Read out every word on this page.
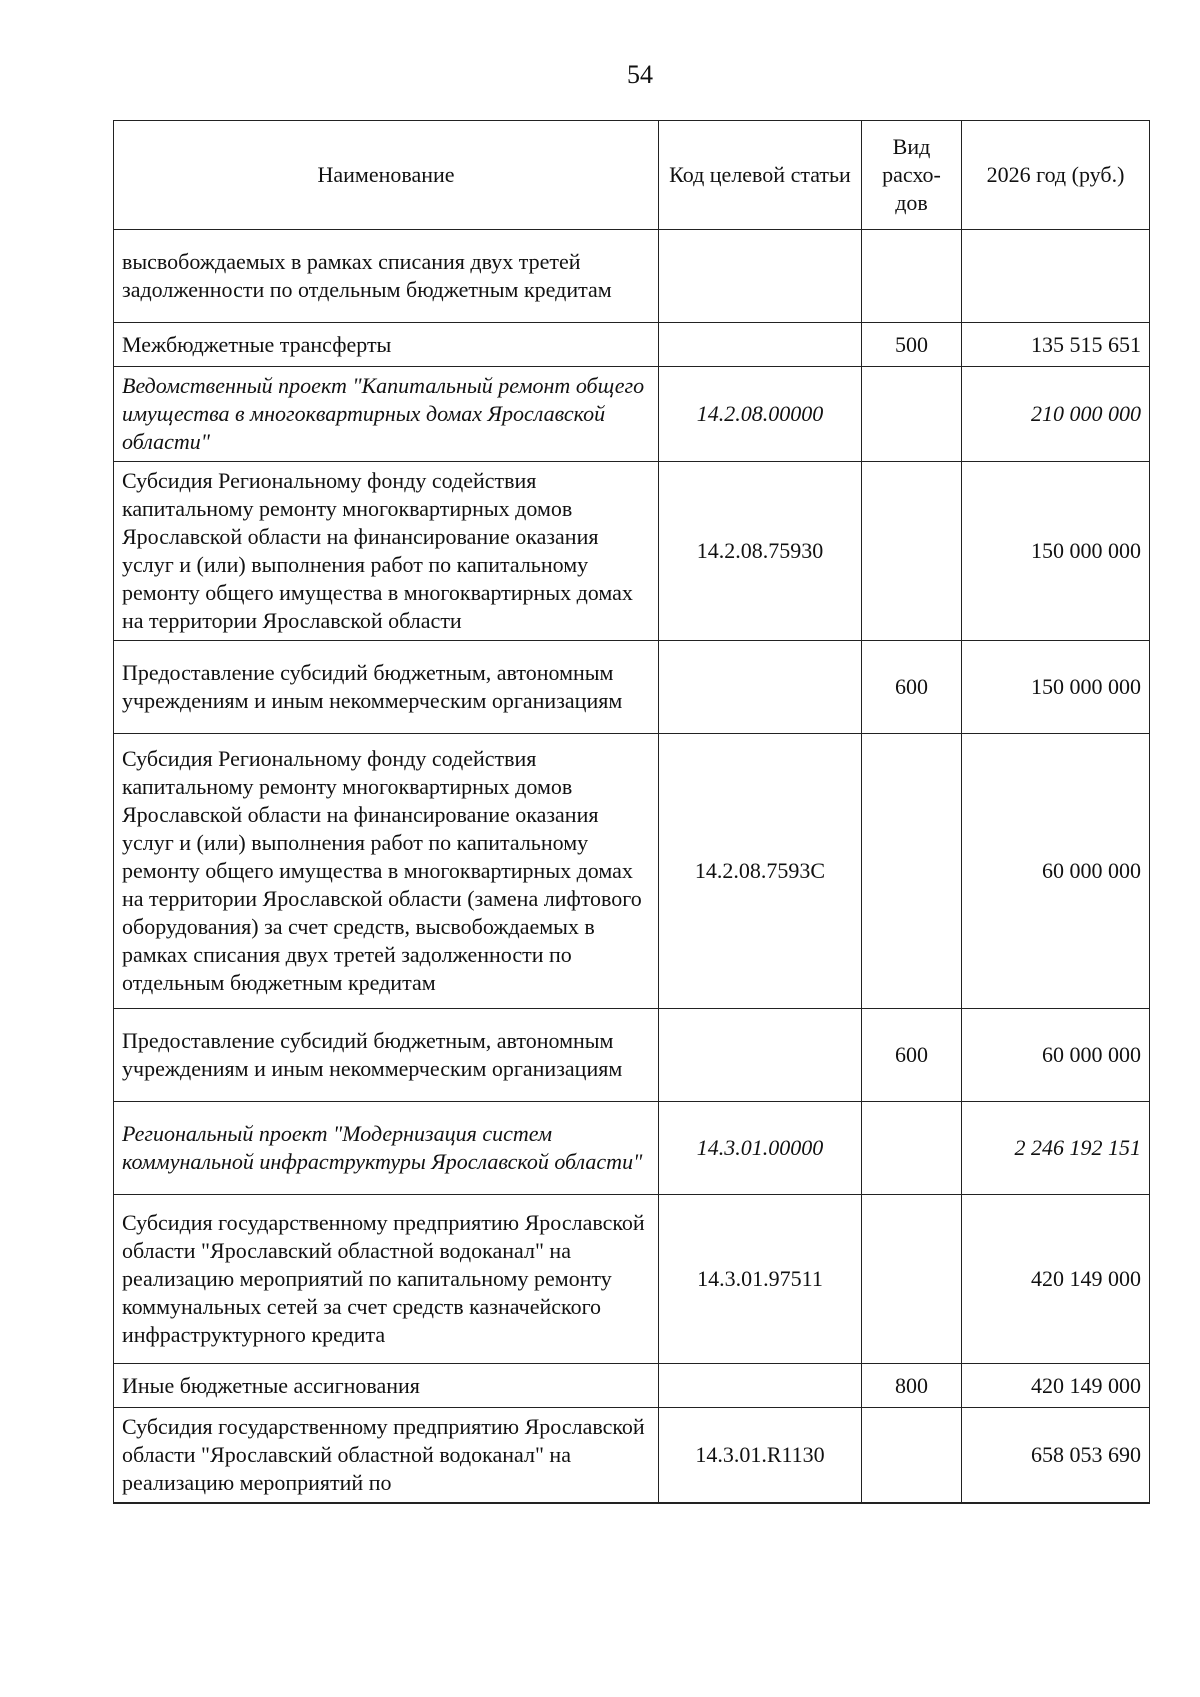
54
Наименование	Код целевой статьи	Вид расхо-дов	2026 год (руб.)
высвобождаемых в рамках списания двух третей задолженности по отдельным бюджетным кредитам			
Межбюджетные трансферты		500	135 515 651
Ведомственный проект "Капитальный ремонт общего имущества в многоквартирных домах Ярославской области"	14.2.08.00000		210 000 000
Субсидия Региональному фонду содействия капитальному ремонту многоквартирных домов Ярославской области на финансирование оказания услуг и (или) выполнения работ по капитальному ремонту общего имущества в многоквартирных домах на территории Ярославской области	14.2.08.75930		150 000 000
Предоставление субсидий бюджетным, автономным учреждениям и иным некоммерческим организациям		600	150 000 000
Субсидия Региональному фонду содействия капитальному ремонту многоквартирных домов Ярославской области на финансирование оказания услуг и (или) выполнения работ по капитальному ремонту общего имущества в многоквартирных домах на территории Ярославской области (замена лифтового оборудования) за счет средств, высвобождаемых в рамках списания двух третей задолженности по отдельным бюджетным кредитам	14.2.08.7593C		60 000 000
Предоставление субсидий бюджетным, автономным учреждениям и иным некоммерческим организациям		600	60 000 000
Региональный проект "Модернизация систем коммунальной инфраструктуры Ярославской области"	14.3.01.00000		2 246 192 151
Субсидия государственному предприятию Ярославской области "Ярославский областной водоканал" на реализацию мероприятий по капитальному ремонту коммунальных сетей за счет средств казначейского инфраструктурного кредита	14.3.01.97511		420 149 000
Иные бюджетные ассигнования		800	420 149 000
Субсидия государственному предприятию Ярославской области "Ярославский областной водоканал" на реализацию мероприятий по	14.3.01.R1130		658 053 690
